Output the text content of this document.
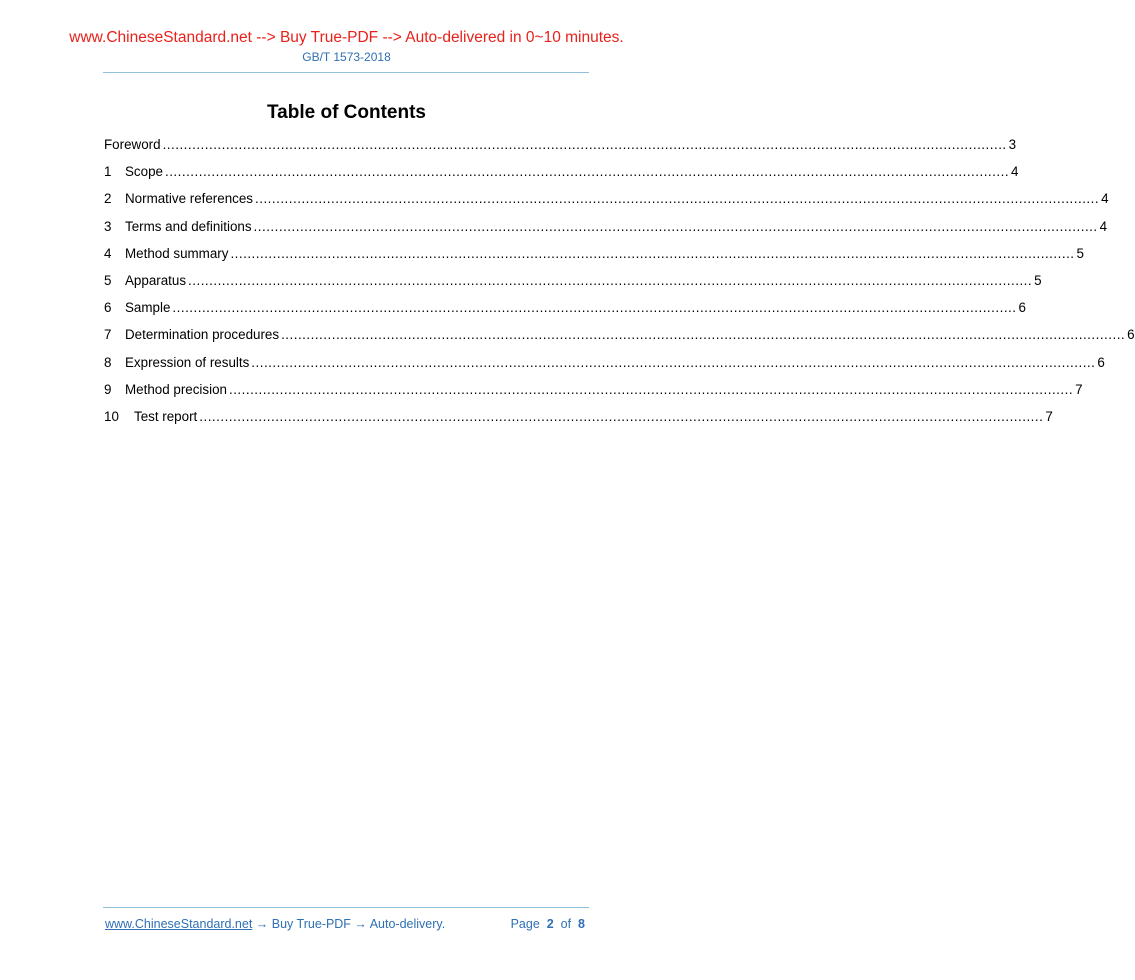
www.ChineseStandard.net --> Buy True-PDF --> Auto-delivered in 0~10 minutes.
GB/T 1573-2018
Table of Contents
Foreword ........................................................................................................................................................................................................ 3
1	Scope ........................................................................................................................................................................................................ 4
2	Normative references ........................................................................................................................................................................................................ 4
3	Terms and definitions ........................................................................................................................................................................................................ 4
4	Method summary ........................................................................................................................................................................................................ 5
5	Apparatus ........................................................................................................................................................................................................ 5
6	Sample ........................................................................................................................................................................................................ 6
7	Determination procedures ........................................................................................................................................................................................................ 6
8	Expression of results ........................................................................................................................................................................................................ 6
9	Method precision ........................................................................................................................................................................................................ 7
10	Test report ........................................................................................................................................................................................................ 7
www.ChineseStandard.net → Buy True-PDF → Auto-delivery.	Page 2 of 8
